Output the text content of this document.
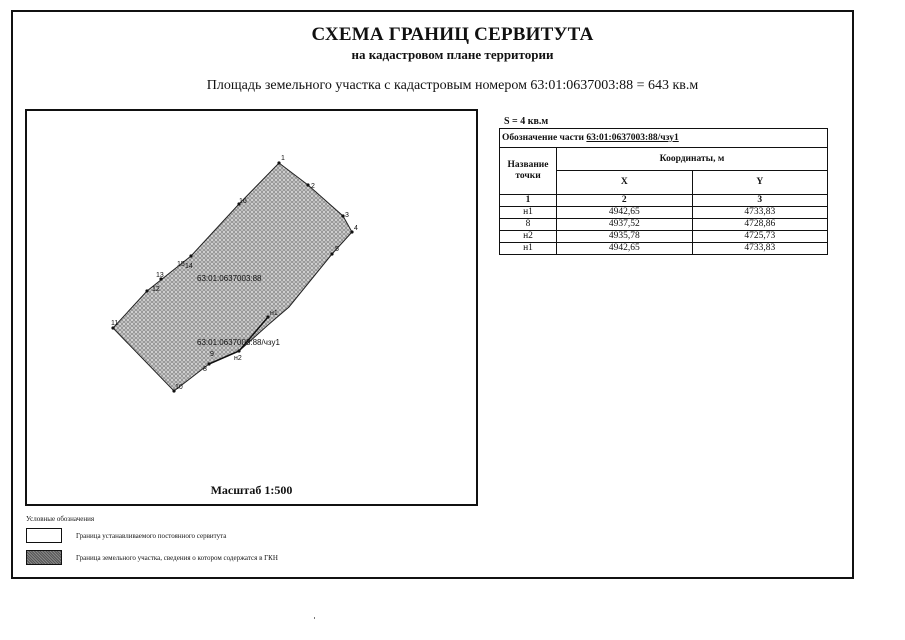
СХЕМА ГРАНИЦ СЕРВИТУТА
на кадастровом плане территории
Площадь земельного участка с кадастровым номером 63:01:0637003:88 = 643 кв.м
1
2
3
4
5
н1
н2
8
9
10
11
12
13
14
15
16
63:01:0637003:88
63:01:0637003:88/чзу1
Масштаб 1:500
S = 4 кв.м
Обозначение части 63:01:0637003:88/чзу1		
Название точки	Координаты, м	
	X	Y
1	2	3
н1	4942,65	4733,83
8	4937,52	4728,86
н2	4935,78	4725,73
н1	4942,65	4733,83
Условные обозначения
Граница устанавливаемого постоянного сервитута
Граница земельного участка, сведения о котором содержатся в ГКН
